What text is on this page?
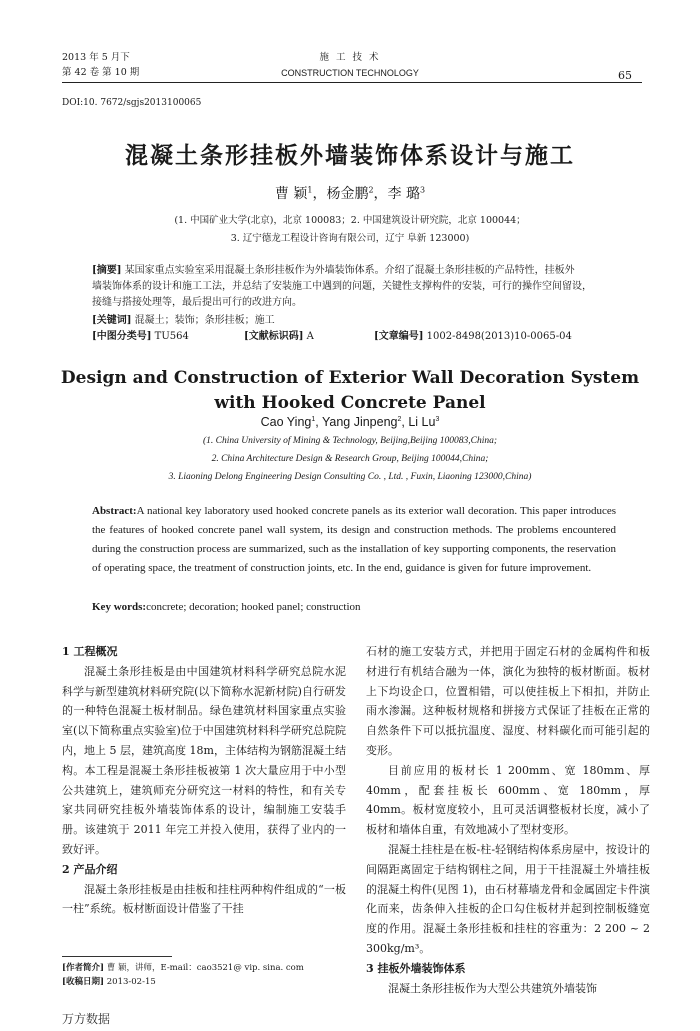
2013 年 5 月下
第 42 卷 第 10 期
施 工 技 术
CONSTRUCTION TECHNOLOGY	65
DOI:10. 7672/sgjs2013100065
混凝土条形挂板外墙装饰体系设计与施工
曹 颖$^1$，杨金鹏$^2$，李 璐$^3$
(1. 中国矿业大学(北京)，北京 100083；2. 中国建筑设计研究院，北京 100044；
3. 辽宁德龙工程设计咨询有限公司，辽宁 阜新 123000)
[摘要] 某国家重点实验室采用混凝土条形挂板作为外墙装饰体系。介绍了混凝土条形挂板的产品特性，挂板外
墙装饰体系的设计和施工工法，并总结了安装施工中遇到的问题，关键性支撑构件的安装，可行的操作空间留设，
接缝与搭接处理等，最后提出可行的改进方向。
[关键词] 混凝土；装饰；条形挂板；施工
[中图分类号] TU564	[文献标识码] A	[文章编号] 1002-8498(2013)10-0065-04
Design and Construction of Exterior Wall Decoration System
with Hooked Concrete Panel
Cao Ying$^1$, Yang Jinpeng$^2$, Li Lu$^3$
(1. China University of Mining & Technology, Beijing,Beijing 100083,China;
2. China Architecture Design & Research Group, Beijing 100044,China;
3. Liaoning Delong Engineering Design Consulting Co. , Ltd. , Fuxin, Liaoning 123000,China)
Abstract:A national key laboratory used hooked concrete panels as its exterior wall decoration. This paper introduces the features of hooked concrete panel wall system, its design and construction methods. The problems encountered during the construction process are summarized, such as the installation of key supporting components, the reservation of operating space, the treatment of construction joints, etc. In the end, guidance is given for future improvement.
Key words:concrete; decoration; hooked panel; construction
1 工程概况

混凝土条形挂板是由中国建筑材料科学研究总院水泥科学与新型建筑材料研究院(以下简称水泥新材院)自行研发的一种特色混凝土板材制品。绿色建筑材料国家重点实验室(以下简称重点实验室)位于中国建筑材料科学研究总院院内，地上 5 层，建筑高度 18m，主体结构为钢筋混凝土结构。本工程是混凝土条形挂板被第 1 次大量应用于中小型公共建筑上，建筑师充分研究这一材料的特性，和有关专家共同研究挂板外墙装饰体系的设计，编制施工安装手册。该建筑于 2011 年完工并投入使用，获得了业内的一致好评。

2 产品介绍

混凝土条形挂板是由挂板和挂柱两种构件组成的“一板一柱”系统。板材断面设计借鉴了干挂

石材的施工安装方式，并把用于固定石材的金属构件和板材进行有机结合融为一体，演化为独特的板材断面。板材上下均设企口，位置相错，可以使挂板上下相扣，并防止雨水渗漏。这种板材规格和拼接方式保证了挂板在正常的自然条件下可以抵抗温度、湿度、材料碳化而可能引起的变形。

目前应用的板材长 1 200mm、宽 180mm、厚 40mm，配套挂板长 600mm、宽 180mm，厚 40mm。板材宽度较小，且可灵活调整板材长度，减小了板材和墙体自重，有效地减小了型材变形。

混凝土挂柱是在板-柱-轻钢结构体系房屋中，按设计的间隔距离固定于结构钢柱之间，用于干挂混凝土外墙挂板的混凝土构件(见图 1)，由石材幕墙龙骨和金属固定卡件演化而来，齿条伸入挂板的企口勾住板材并起到控制板缝宽度的作用。混凝土条形挂板和挂柱的容重为：2 200 ~ 2 300kg/m³。

3 挂板外墙装饰体系

混凝土条形挂板作为大型公共建筑外墙装饰

[作者简介] 曹 颖，讲师，E-mail：cao3521@ vip. sina. com
[收稿日期] 2013-02-15
万方数据
